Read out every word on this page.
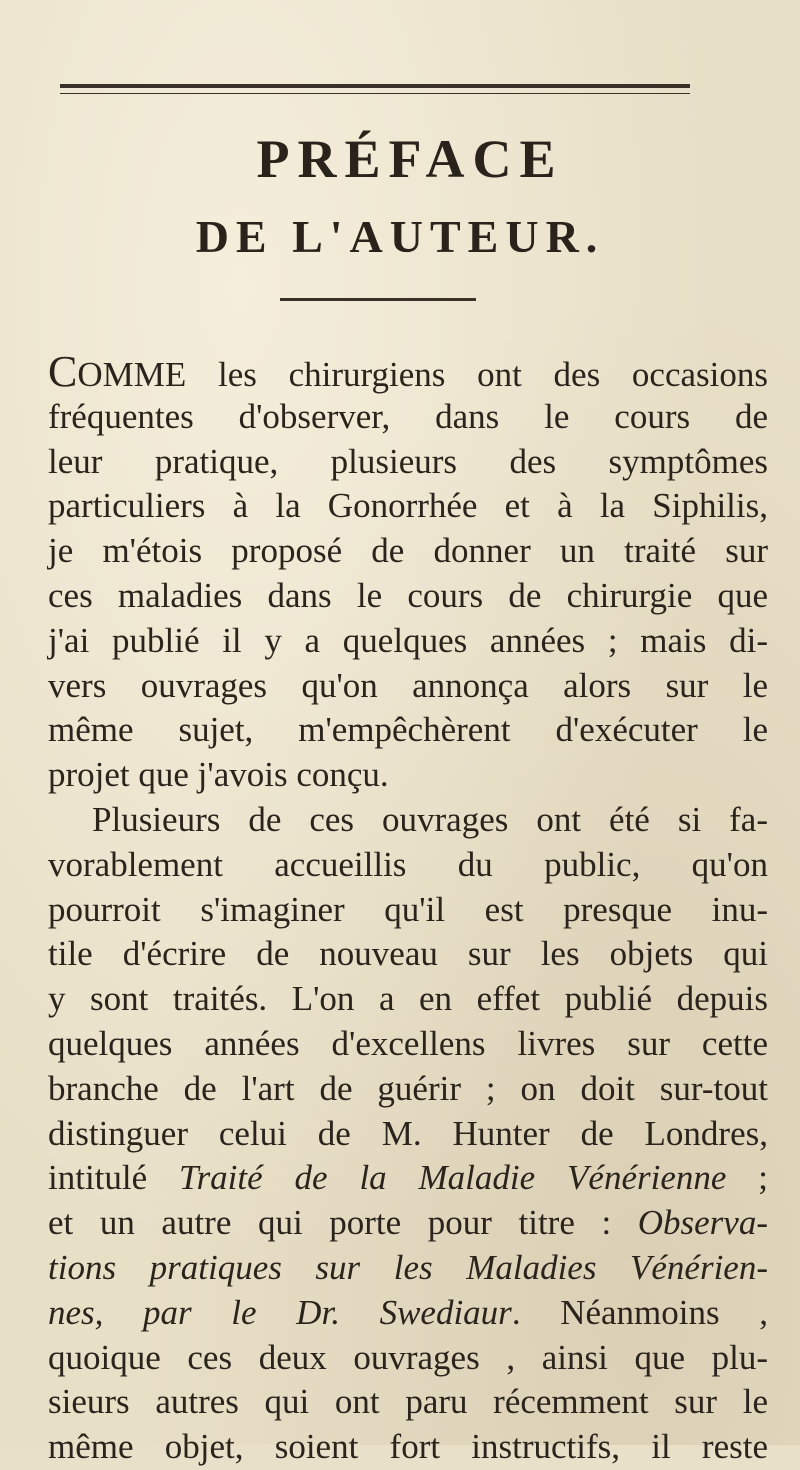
PRÉFACE
DE L'AUTEUR.
COMME les chirurgiens ont des occasions
fréquentes d'observer, dans le cours de
leur pratique, plusieurs des symptômes
particuliers à la Gonorrhée et à la Siphilis,
je m'étois proposé de donner un traité sur
ces maladies dans le cours de chirurgie que
j'ai publié il y a quelques années ; mais di-
vers ouvrages qu'on annonça alors sur le
même sujet, m'empêchèrent d'exécuter le
projet que j'avois conçu.
Plusieurs de ces ouvrages ont été si fa-
vorablement accueillis du public, qu'on
pourroit s'imaginer qu'il est presque inu-
tile d'écrire de nouveau sur les objets qui
y sont traités. L'on a en effet publié depuis
quelques années d'excellens livres sur cette
branche de l'art de guérir ; on doit sur-tout
distinguer celui de M. Hunter de Londres,
intitulé Traité de la Maladie Vénérienne ;
et un autre qui porte pour titre : Observa-
tions pratiques sur les Maladies Vénérien-
nes, par le Dr. Swediaur. Néanmoins ,
quoique ces deux ouvrages , ainsi que plu-
sieurs autres qui ont paru récemment sur le
même objet, soient fort instructifs, il reste
